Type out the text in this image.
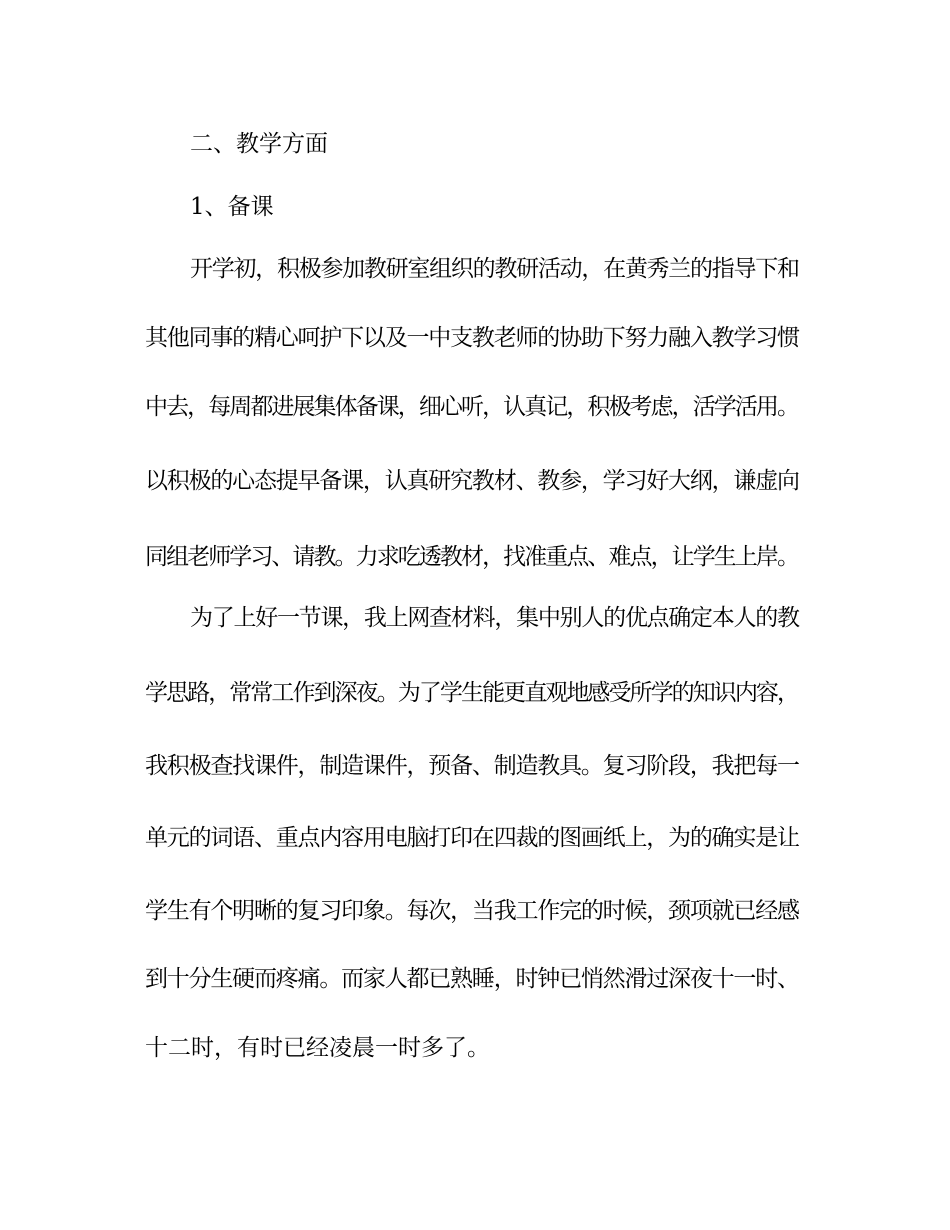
二、教学方面
1、备课
开学初，积极参加教研室组织的教研活动，在黄秀兰的指导下和
其他同事的精心呵护下以及一中支教老师的协助下努力融入教学习惯
中去，每周都进展集体备课，细心听，认真记，积极考虑，活学活用。
以积极的心态提早备课，认真研究教材、教参，学习好大纲，谦虚向
同组老师学习、请教。力求吃透教材，找准重点、难点，让学生上岸。
为了上好一节课，我上网查材料，集中别人的优点确定本人的教
学思路，常常工作到深夜。为了学生能更直观地感受所学的知识内容，
我积极查找课件，制造课件，预备、制造教具。复习阶段，我把每一
单元的词语、重点内容用电脑打印在四裁的图画纸上，为的确实是让
学生有个明晰的复习印象。每次，当我工作完的时候，颈项就已经感
到十分生硬而疼痛。而家人都已熟睡，时钟已悄然滑过深夜十一时、
十二时，有时已经凌晨一时多了。
